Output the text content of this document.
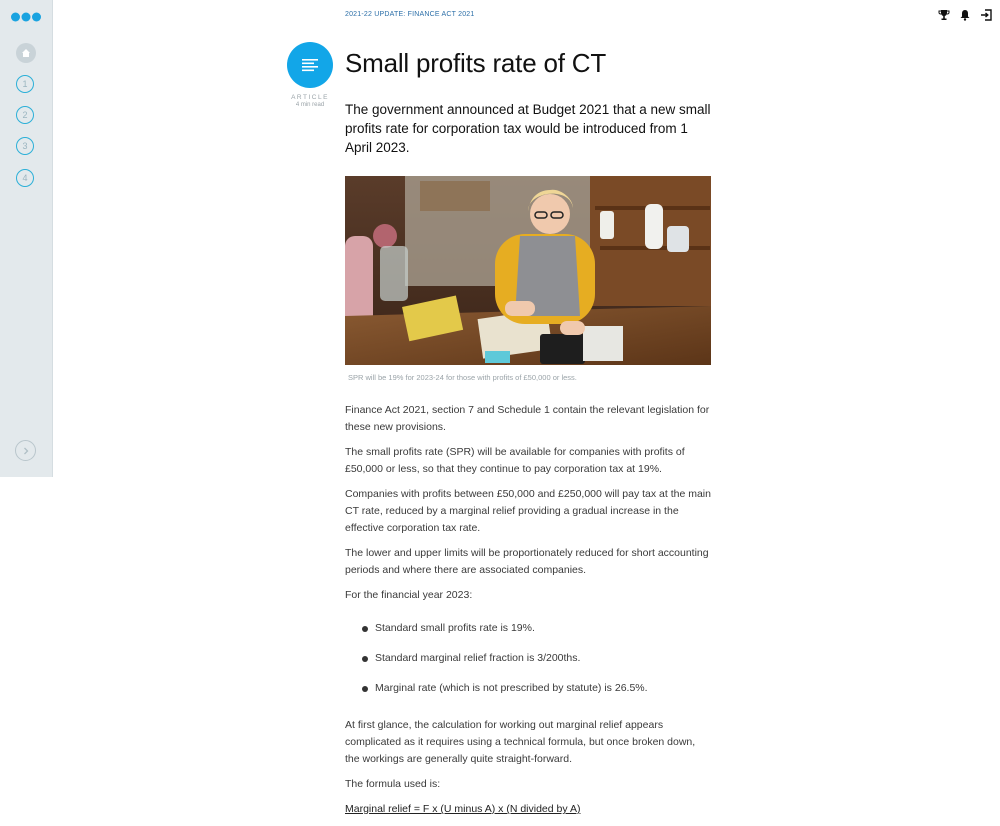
1
2
3
4
ARTICLE
4 min read
2021-22 UPDATE: FINANCE ACT 2021
Small profits rate of CT

The government announced at Budget 2021 that a new small profits rate for corporation tax would be introduced from 1 April 2023.

SPR will be 19% for 2023-24 for those with profits of £50,000 or less.

Finance Act 2021, section 7 and Schedule 1 contain the relevant legislation for these new provisions.

The small profits rate (SPR) will be available for companies with profits of £50,000 or less, so that they continue to pay corporation tax at 19%.

Companies with profits between £50,000 and £250,000 will pay tax at the main CT rate, reduced by a marginal relief providing a gradual increase in the effective corporation tax rate.

The lower and upper limits will be proportionately reduced for short accounting periods and where there are associated companies.

For the financial year 2023:

Standard small profits rate is 19%.
Standard marginal relief fraction is 3/200ths.
Marginal rate (which is not prescribed by statute) is 26.5%.

At first glance, the calculation for working out marginal relief appears complicated as it requires using a technical formula, but once broken down, the workings are generally quite straight-forward.

The formula used is:

Marginal relief = F x (U minus A) x (N divided by A)
